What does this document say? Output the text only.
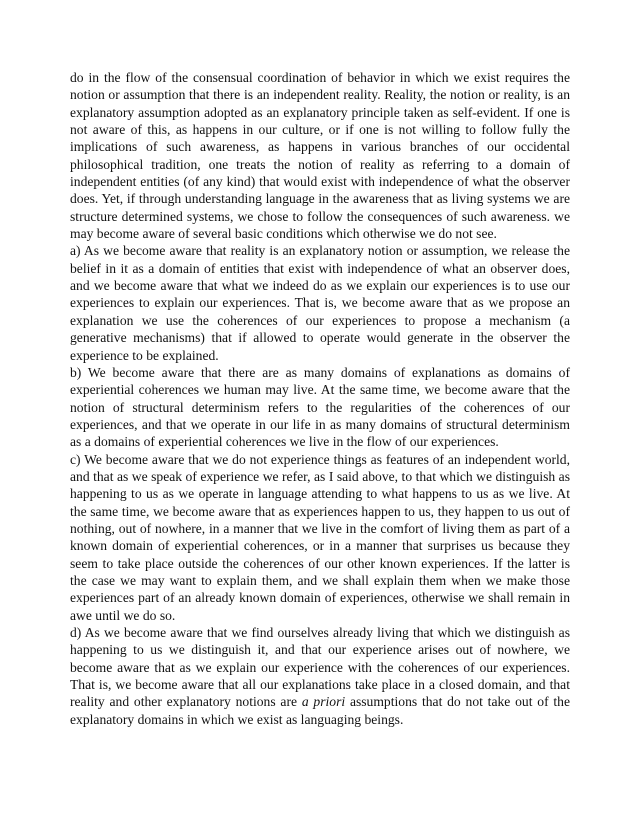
do in the flow of the consensual coordination of behavior in which we exist requires the notion or assumption that there is an independent reality. Reality, the notion or reality, is an explanatory assumption adopted as an explanatory principle taken as self-evident. If one is not aware of this, as happens in our culture, or if one is not willing to follow fully the implications of such awareness, as happens in various branches of our occidental philosophical tradition, one treats the notion of reality as referring to a domain of independent entities (of any kind) that would exist with independence of what the observer does. Yet, if through understanding language in the awareness that as living systems we are structure determined systems, we chose to follow the consequences of such awareness. we may become aware of several basic conditions which otherwise we do not see.

a) As we become aware that reality is an explanatory notion or assumption, we release the belief in it as a domain of entities that exist with independence of what an observer does, and we become aware that what we indeed do as we explain our experiences is to use our experiences to explain our experiences. That is, we become aware that as we propose an explanation we use the coherences of our experiences to propose a mechanism (a generative mechanisms) that if allowed to operate would generate in the observer the experience to be explained.

b) We become aware that there are as many domains of explanations as domains of experiential coherences we human may live. At the same time, we become aware that the notion of structural determinism refers to the regularities of the coherences of our experiences, and that we operate in our life in as many domains of structural determinism as a domains of experiential coherences we live in the flow of our experiences.

c) We become aware that we do not experience things as features of an independent world, and that as we speak of experience we refer, as I said above, to that which we distinguish as happening to us as we operate in language attending to what happens to us as we live. At the same time, we become aware that as experiences happen to us, they happen to us out of nothing, out of nowhere, in a manner that we live in the comfort of living them as part of a known domain of experiential coherences, or in a manner that surprises us because they seem to take place outside the coherences of our other known experiences. If the latter is the case we may want to explain them, and we shall explain them when we make those experiences part of an already known domain of experiences, otherwise we shall remain in awe until we do so.

d) As we become aware that we find ourselves already living that which we distinguish as happening to us we distinguish it, and that our experience arises out of nowhere, we become aware that as we explain our experience with the coherences of our experiences. That is, we become aware that all our explanations take place in a closed domain, and that reality and other explanatory notions are a priori assumptions that do not take out of the explanatory domains in which we exist as languaging beings.
